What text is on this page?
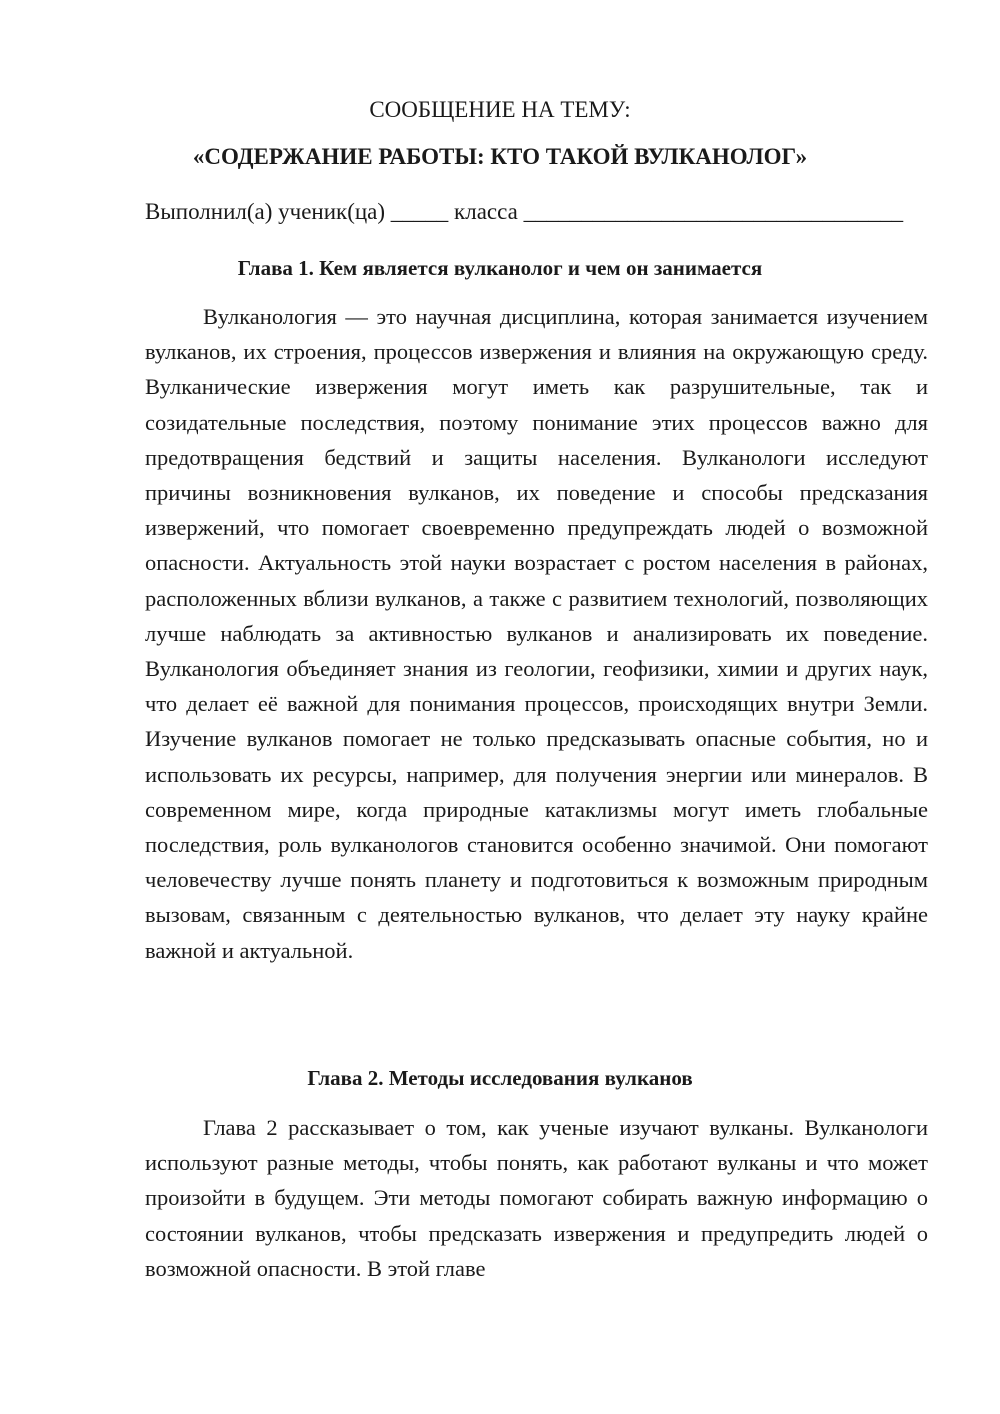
СООБЩЕНИЕ НА ТЕМУ:
«СОДЕРЖАНИЕ РАБОТЫ: КТО ТАКОЙ ВУЛКАНОЛОГ»
Выполнил(а) ученик(ца) _____ класса _________________________________
Глава 1. Кем является вулканолог и чем он занимается

Вулканология — это научная дисциплина, которая занимается изучением вулканов, их строения, процессов извержения и влияния на окружающую среду. Вулканические извержения могут иметь как разрушительные, так и созидательные последствия, поэтому понимание этих процессов важно для предотвращения бедствий и защиты населения. Вулканологи исследуют причины возникновения вулканов, их поведение и способы предсказания извержений, что помогает своевременно предупреждать людей о возможной опасности. Актуальность этой науки возрастает с ростом населения в районах, расположенных вблизи вулканов, а также с развитием технологий, позволяющих лучше наблюдать за активностью вулканов и анализировать их поведение. Вулканология объединяет знания из геологии, геофизики, химии и других наук, что делает её важной для понимания процессов, происходящих внутри Земли. Изучение вулканов помогает не только предсказывать опасные события, но и использовать их ресурсы, например, для получения энергии или минералов. В современном мире, когда природные катаклизмы могут иметь глобальные последствия, роль вулканологов становится особенно значимой. Они помогают человечеству лучше понять планету и подготовиться к возможным природным вызовам, связанным с деятельностью вулканов, что делает эту науку крайне важной и актуальной.

Глава 2. Методы исследования вулканов

Глава 2 рассказывает о том, как ученые изучают вулканы. Вулканологи используют разные методы, чтобы понять, как работают вулканы и что может произойти в будущем. Эти методы помогают собирать важную информацию о состоянии вулканов, чтобы предсказать извержения и предупредить людей о возможной опасности. В этой главе
